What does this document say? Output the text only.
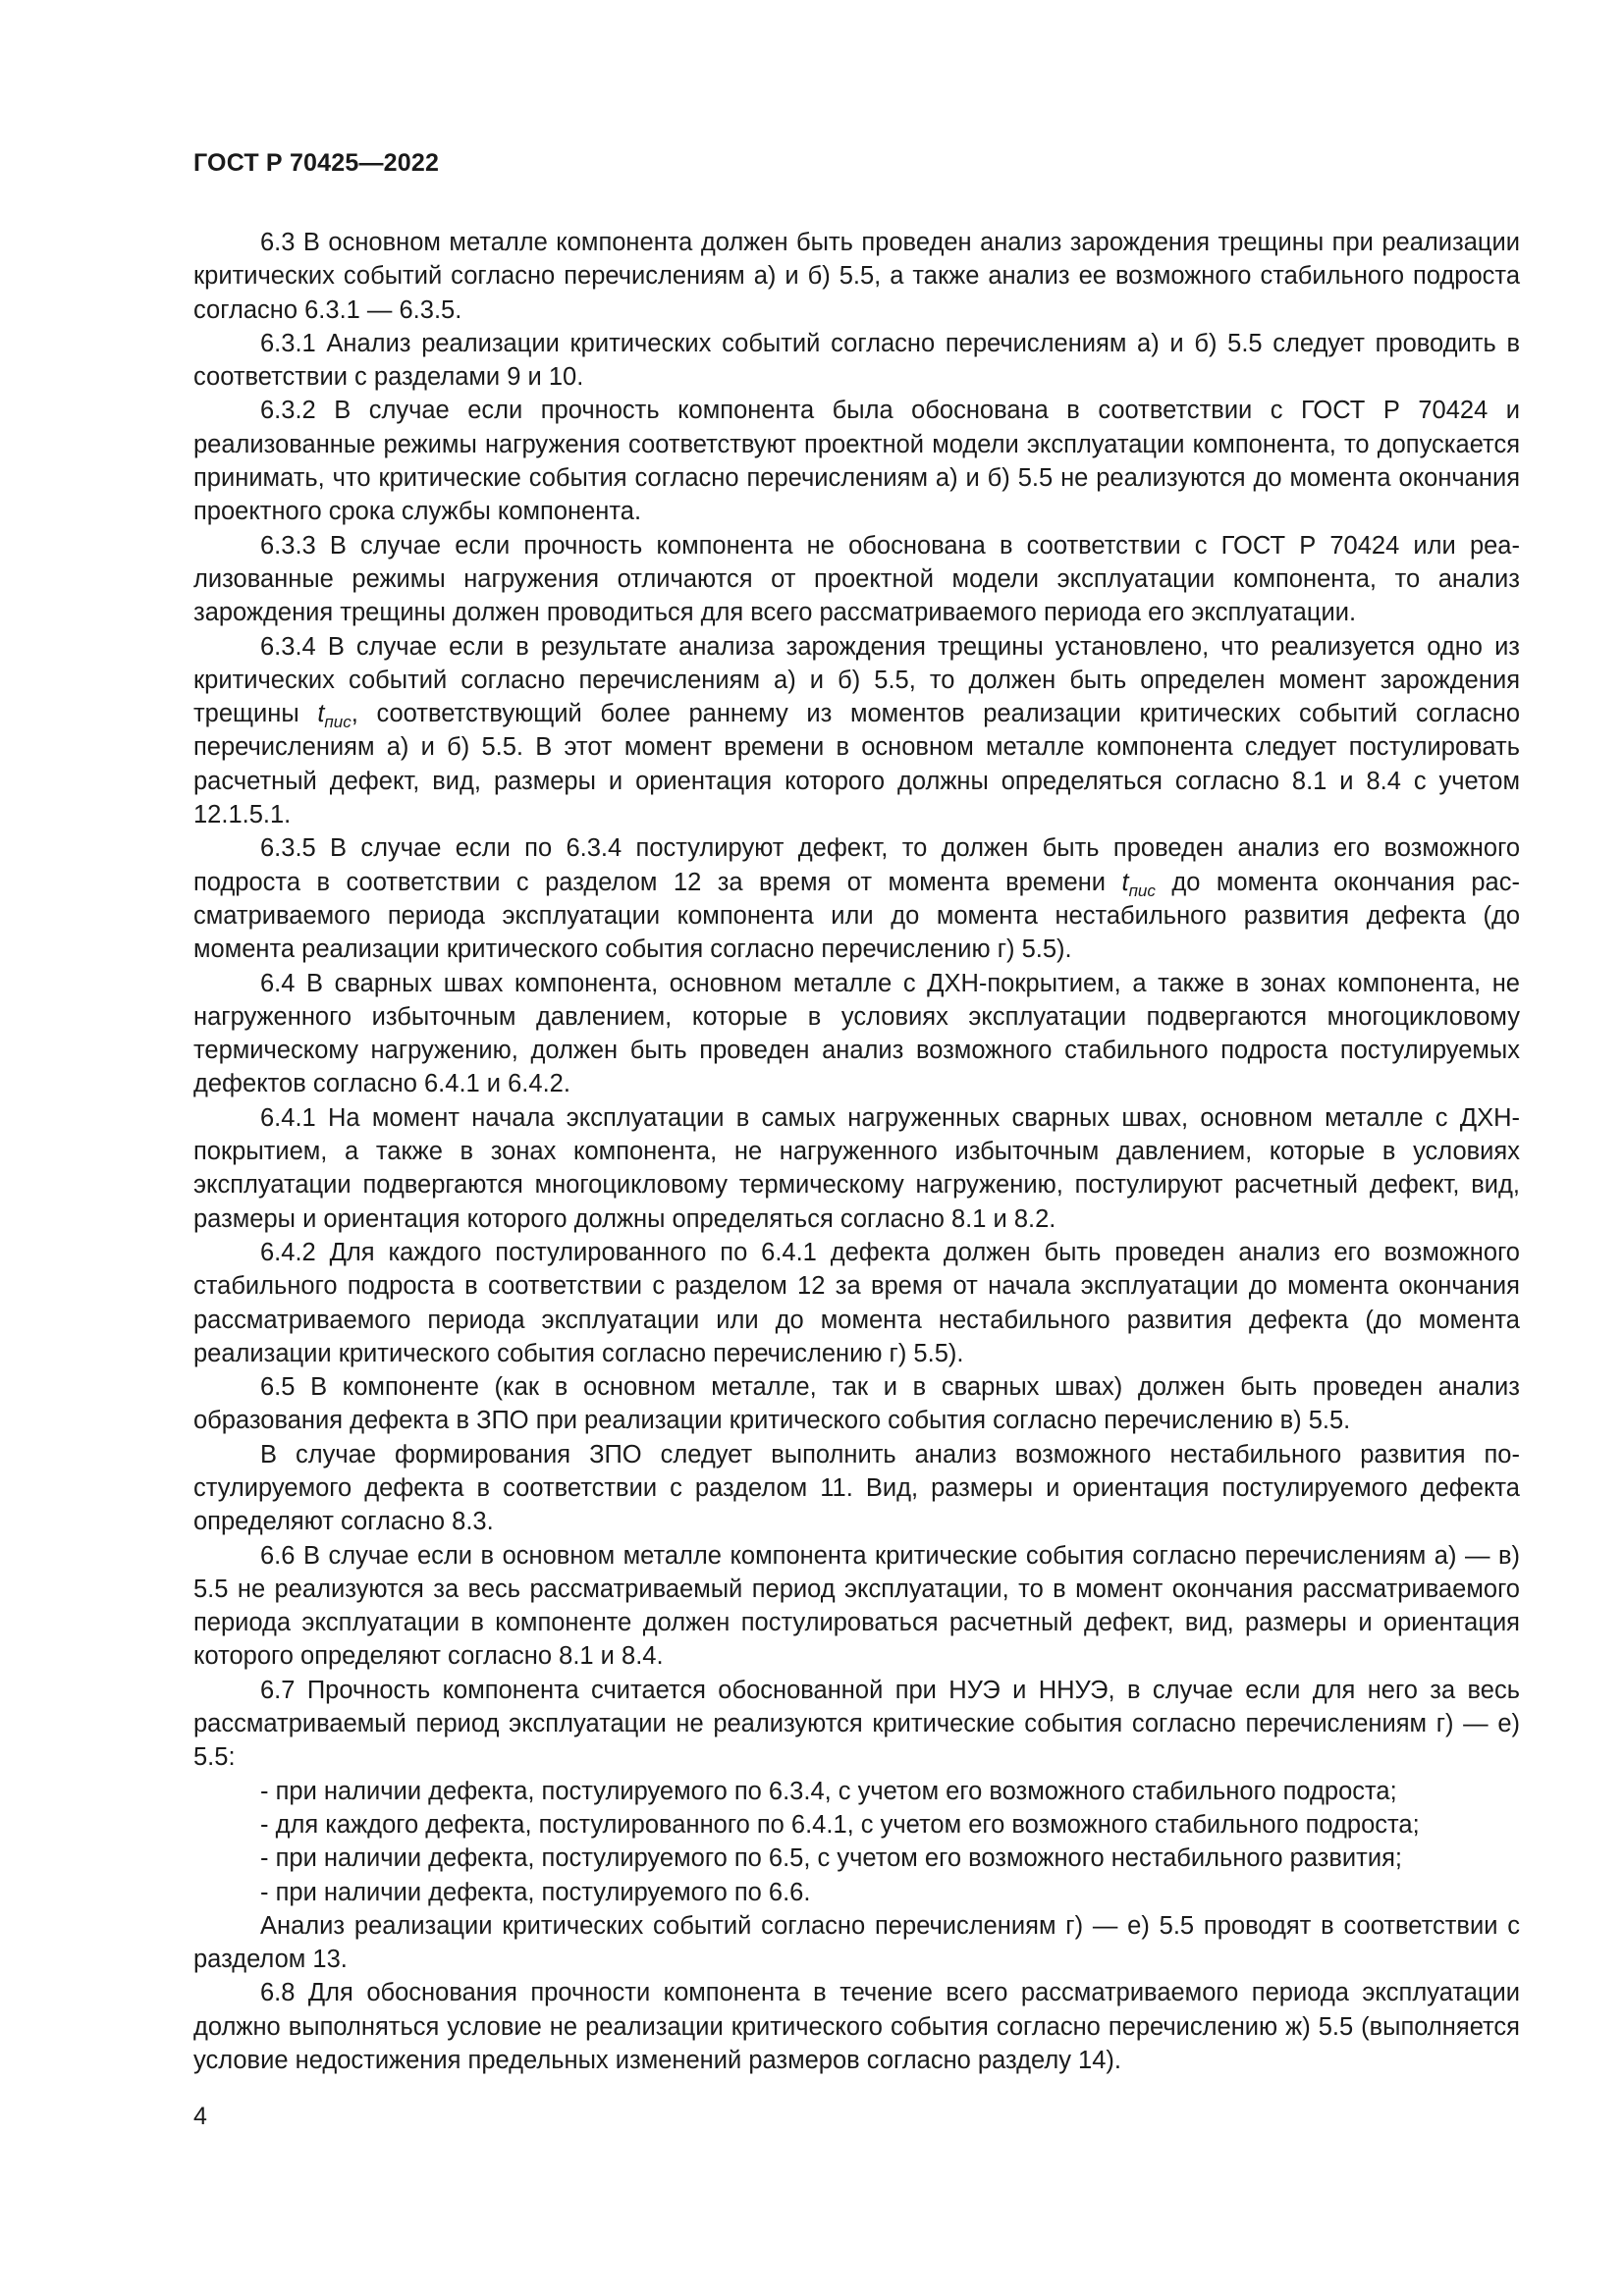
ГОСТ Р 70425—2022

6.3 В основном металле компонента должен быть проведен анализ зарождения трещины при реализации критических событий согласно перечислениям а) и б) 5.5, а также анализ ее возможного стабильного подроста согласно 6.3.1 — 6.3.5.

6.3.1 Анализ реализации критических событий согласно перечислениям а) и б) 5.5 следует проводить в соответствии с разделами 9 и 10.

6.3.2 В случае если прочность компонента была обоснована в соответствии с ГОСТ Р 70424 и реализованные режимы нагружения соответствуют проектной модели эксплуатации компонента, то допускается принимать, что критические события согласно перечислениям а) и б) 5.5 не реализуются до момента окончания проектного срока службы компонента.

6.3.3 В случае если прочность компонента не обоснована в соответствии с ГОСТ Р 70424 или реализованные режимы нагружения отличаются от проектной модели эксплуатации компонента, то анализ зарождения трещины должен проводиться для всего рассматриваемого периода его эксплуатации.

6.3.4 В случае если в результате анализа зарождения трещины установлено, что реализуется одно из критических событий согласно перечислениям а) и б) 5.5, то должен быть определен момент зарождения трещины $t_{пис}$, соответствующий более раннему из моментов реализации критических событий согласно перечислениям а) и б) 5.5. В этот момент времени в основном металле компонента следует постулировать расчетный дефект, вид, размеры и ориентация которого должны определяться согласно 8.1 и 8.4 с учетом 12.1.5.1.

6.3.5 В случае если по 6.3.4 постулируют дефект, то должен быть проведен анализ его возможного подроста в соответствии с разделом 12 за время от момента времени $t_{пис}$ до момента окончания рассматриваемого периода эксплуатации компонента или до момента нестабильного развития дефекта (до момента реализации критического события согласно перечислению г) 5.5).

6.4 В сварных швах компонента, основном металле с ДХН-покрытием, а также в зонах компонента, не нагруженного избыточным давлением, которые в условиях эксплуатации подвергаются многоцикловому термическому нагружению, должен быть проведен анализ возможного стабильного подроста постулируемых дефектов согласно 6.4.1 и 6.4.2.

6.4.1 На момент начала эксплуатации в самых нагруженных сварных швах, основном металле с ДХН-покрытием, а также в зонах компонента, не нагруженного избыточным давлением, которые в условиях эксплуатации подвергаются многоцикловому термическому нагружению, постулируют расчетный дефект, вид, размеры и ориентация которого должны определяться согласно 8.1 и 8.2.

6.4.2 Для каждого постулированного по 6.4.1 дефекта должен быть проведен анализ его возможного стабильного подроста в соответствии с разделом 12 за время от начала эксплуатации до момента окончания рассматриваемого периода эксплуатации или до момента нестабильного развития дефекта (до момента реализации критического события согласно перечислению г) 5.5).

6.5 В компоненте (как в основном металле, так и в сварных швах) должен быть проведен анализ образования дефекта в ЗПО при реализации критического события согласно перечислению в) 5.5.

В случае формирования ЗПО следует выполнить анализ возможного нестабильного развития постулируемого дефекта в соответствии с разделом 11. Вид, размеры и ориентация постулируемого дефекта определяют согласно 8.3.

6.6 В случае если в основном металле компонента критические события согласно перечислениям а) — в) 5.5 не реализуются за весь рассматриваемый период эксплуатации, то в момент окончания рассматриваемого периода эксплуатации в компоненте должен постулироваться расчетный дефект, вид, размеры и ориентация которого определяют согласно 8.1 и 8.4.

6.7 Прочность компонента считается обоснованной при НУЭ и ННУЭ, в случае если для него за весь рассматриваемый период эксплуатации не реализуются критические события согласно перечислениям г) — е) 5.5:

- при наличии дефекта, постулируемого по 6.3.4, с учетом его возможного стабильного подроста;

- для каждого дефекта, постулированного по 6.4.1, с учетом его возможного стабильного подроста;

- при наличии дефекта, постулируемого по 6.5, с учетом его возможного нестабильного развития;

- при наличии дефекта, постулируемого по 6.6.

Анализ реализации критических событий согласно перечислениям г) — е) 5.5 проводят в соответствии с разделом 13.

6.8 Для обоснования прочности компонента в течение всего рассматриваемого периода эксплуатации должно выполняться условие не реализации критического события согласно перечислению ж) 5.5 (выполняется условие недостижения предельных изменений размеров согласно разделу 14).

4
